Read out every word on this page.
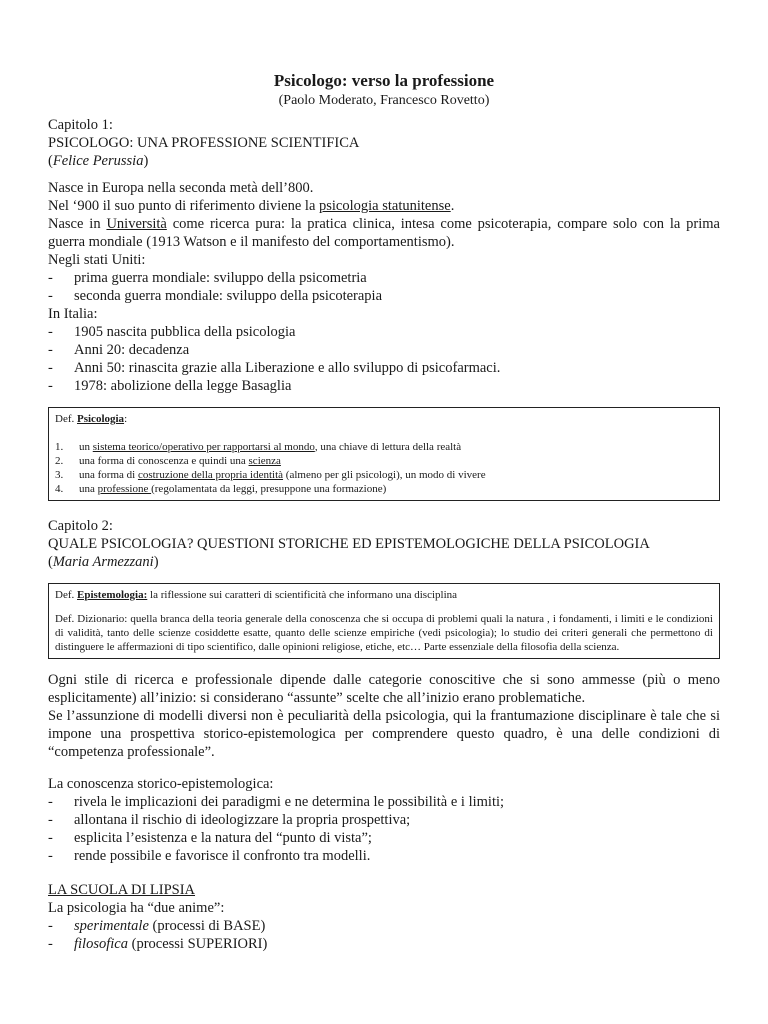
Psicologo: verso la professione
(Paolo Moderato, Francesco Rovetto)
Capitolo 1:
PSICOLOGO: UNA PROFESSIONE SCIENTIFICA
(Felice Perussia)
Nasce in Europa nella seconda metà dell’800.
Nel ‘900 il suo punto di riferimento diviene la psicologia statunitense.
Nasce in Università come ricerca pura: la pratica clinica, intesa come psicoterapia, compare solo con la prima guerra mondiale (1913 Watson e il manifesto del comportamentismo).
Negli stati Uniti:
-	prima guerra mondiale: sviluppo della psicometria
-	seconda guerra mondiale: sviluppo della psicoterapia
In Italia:
-	1905 nascita pubblica della psicologia
-	Anni 20: decadenza
-	Anni 50: rinascita grazie alla Liberazione e allo sviluppo di psicofarmaci.
-	1978: abolizione della legge Basaglia
Def. Psicologia:
1.	un sistema teorico/operativo per rapportarsi al mondo, una chiave di lettura della realtà
2.	una forma di conoscenza e quindi una scienza
3.	una forma di costruzione della propria identità (almeno per gli psicologi), un modo di vivere
4.	una professione (regolamentata da leggi, presuppone una formazione)
Capitolo 2:
QUALE PSICOLOGIA? QUESTIONI STORICHE ED EPISTEMOLOGICHE DELLA PSICOLOGIA
(Maria Armezzani)
Def. Epistemologia: la riflessione sui caratteri di scientificità che informano una disciplina
Def. Dizionario: quella branca della teoria generale della conoscenza che si occupa di problemi quali la natura , i fondamenti, i limiti e le condizioni di validità, tanto delle scienze cosiddette esatte, quanto delle scienze empiriche (vedi psicologia); lo studio dei criteri generali che permettono di distinguere le affermazioni di tipo scientifico, dalle opinioni religiose, etiche, etc… Parte essenziale della filosofia della scienza.
Ogni stile di ricerca e professionale dipende dalle categorie conoscitive che si sono ammesse (più o meno esplicitamente) all’inizio: si considerano “assunte” scelte che all’inizio erano problematiche.
Se l’assunzione di modelli diversi non è peculiarità della psicologia, qui la frantumazione disciplinare è tale che si impone una prospettiva storico-epistemologica per comprendere questo quadro, è una delle condizioni di “competenza professionale”.
La conoscenza storico-epistemologica:
-	rivela le implicazioni dei paradigmi e ne determina le possibilità e i limiti;
-	allontana il rischio di ideologizzare la propria prospettiva;
-	esplicita l’esistenza e la natura del “punto di vista”;
-	rende possibile e favorisce il confronto tra modelli.
LA SCUOLA DI LIPSIA
La psicologia ha “due anime”:
-	sperimentale (processi di BASE)
-	filosofica (processi SUPERIORI)
